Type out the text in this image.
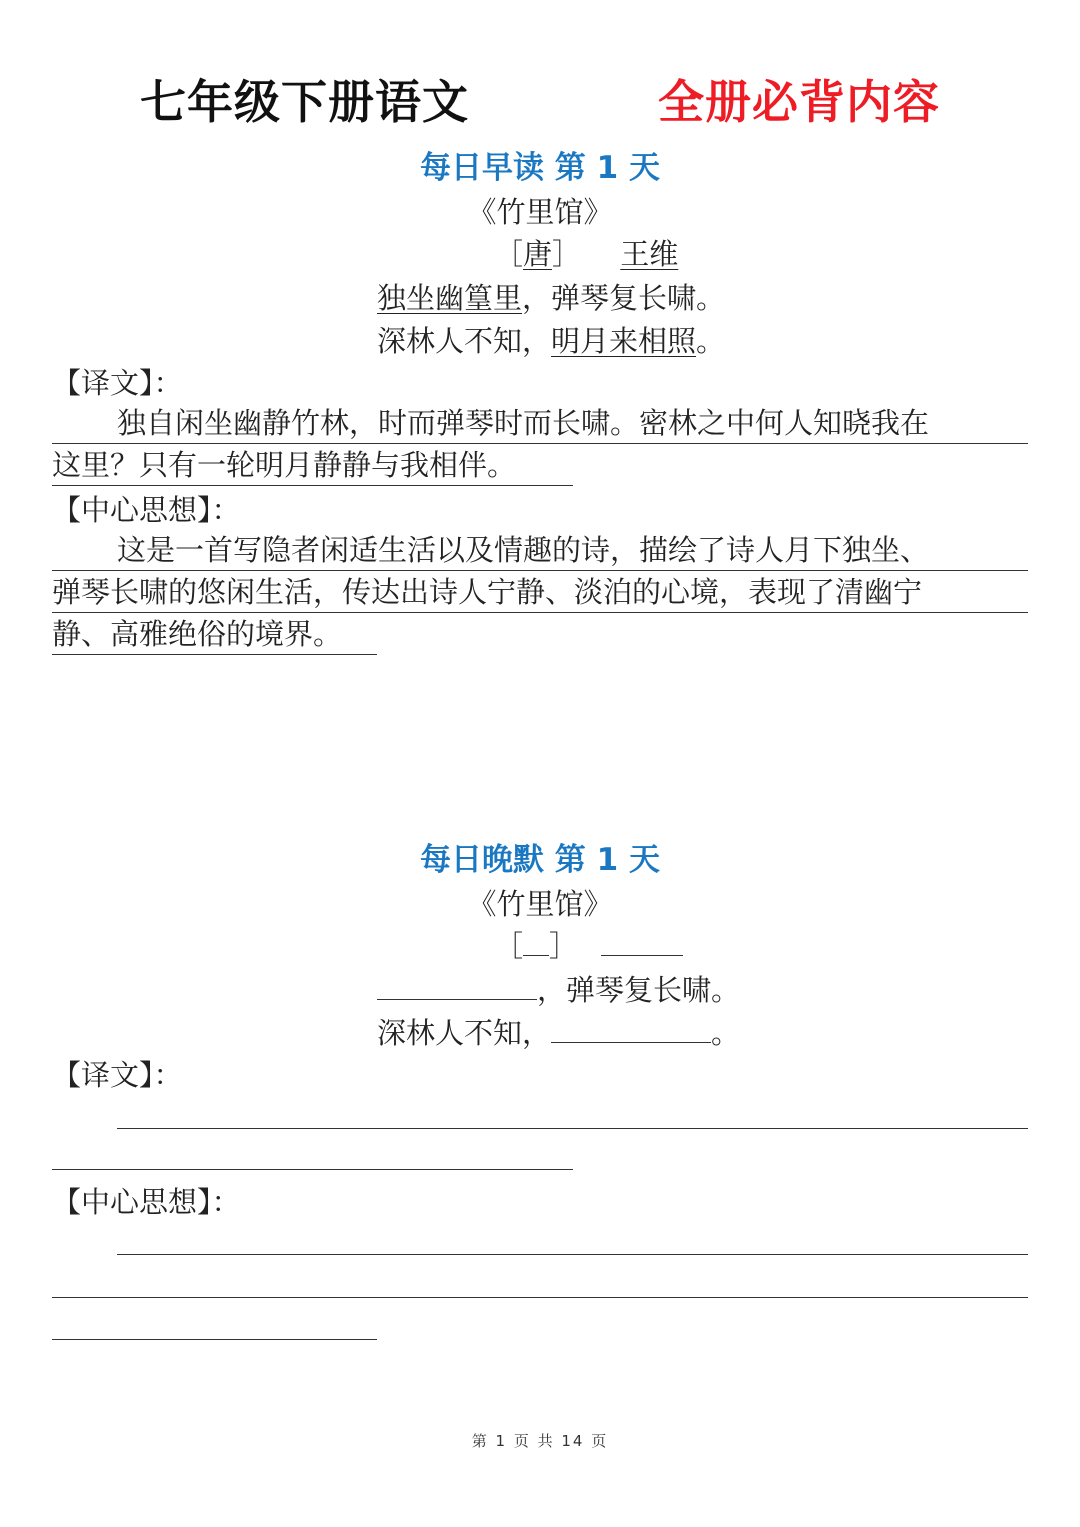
七年级下册语文	全册必背内容
每日早读 第 1 天
《竹里馆》
［唐］ 王维
独坐幽篁里，弹琴复长啸。
深林人不知，明月来相照。
【译文】：
独自闲坐幽静竹林，时而弹琴时而长啸。密林之中何人知晓我在
这里？只有一轮明月静静与我相伴。
【中心思想】：
这是一首写隐者闲适生活以及情趣的诗，描绘了诗人月下独坐、
弹琴长啸的悠闲生活，传达出诗人宁静、淡泊的心境，表现了清幽宁
静、高雅绝俗的境界。
每日晚默 第 1 天
《竹里馆》
［ ］
，弹琴复长啸。
深林人不知，	。
【译文】：
【中心思想】：
第 1 页 共 14 页
